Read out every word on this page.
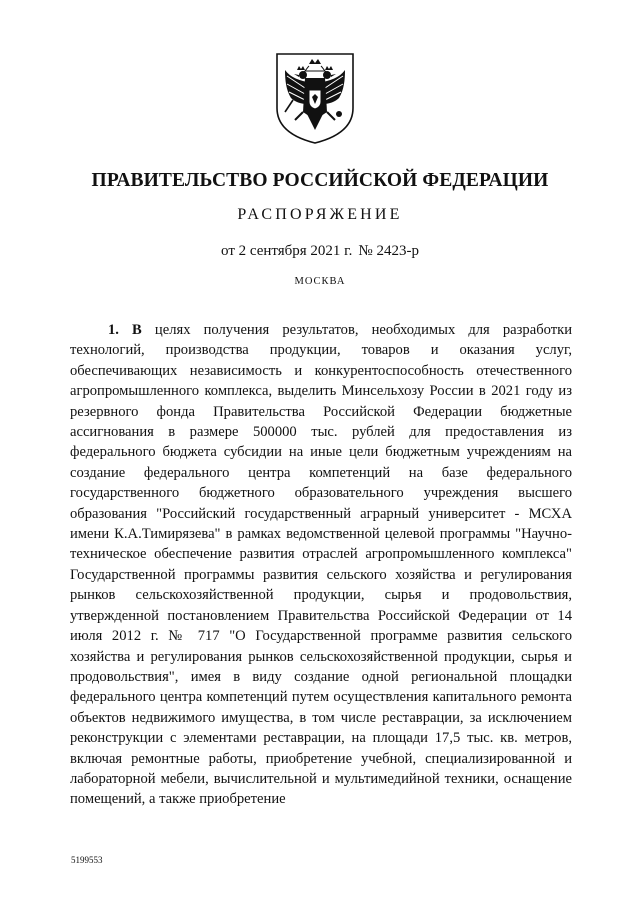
ПРАВИТЕЛЬСТВО РОССИЙСКОЙ ФЕДЕРАЦИИ
РАСПОРЯЖЕНИЕ
от 2 сентября 2021 г. № 2423-р
МОСКВА

1. В целях получения результатов, необходимых для разработки технологий, производства продукции, товаров и оказания услуг, обеспечивающих независимость и конкурентоспособность отечественного агропромышленного комплекса, выделить Минсельхозу России в 2021 году из резервного фонда Правительства Российской Федерации бюджетные ассигнования в размере 500000 тыс. рублей для предоставления из федерального бюджета субсидии на иные цели бюджетным учреждениям на создание федерального центра компетенций на базе федерального государственного бюджетного образовательного учреждения высшего образования "Российский государственный аграрный университет - МСХА имени К.А.Тимирязева" в рамках ведомственной целевой программы "Научно-техническое обеспечение развития отраслей агропромышленного комплекса" Государственной программы развития сельского хозяйства и регулирования рынков сельскохозяйственной продукции, сырья и продовольствия, утвержденной постановлением Правительства Российской Федерации от 14 июля 2012 г. № 717 "О Государственной программе развития сельского хозяйства и регулирования рынков сельскохозяйственной продукции, сырья и продовольствия", имея в виду создание одной региональной площадки федерального центра компетенций путем осуществления капитального ремонта объектов недвижимого имущества, в том числе реставрации, за исключением реконструкции с элементами реставрации, на площади 17,5 тыс. кв. метров, включая ремонтные работы, приобретение учебной, специализированной и лабораторной мебели, вычислительной и мультимедийной техники, оснащение помещений, а также приобретение

5199553
